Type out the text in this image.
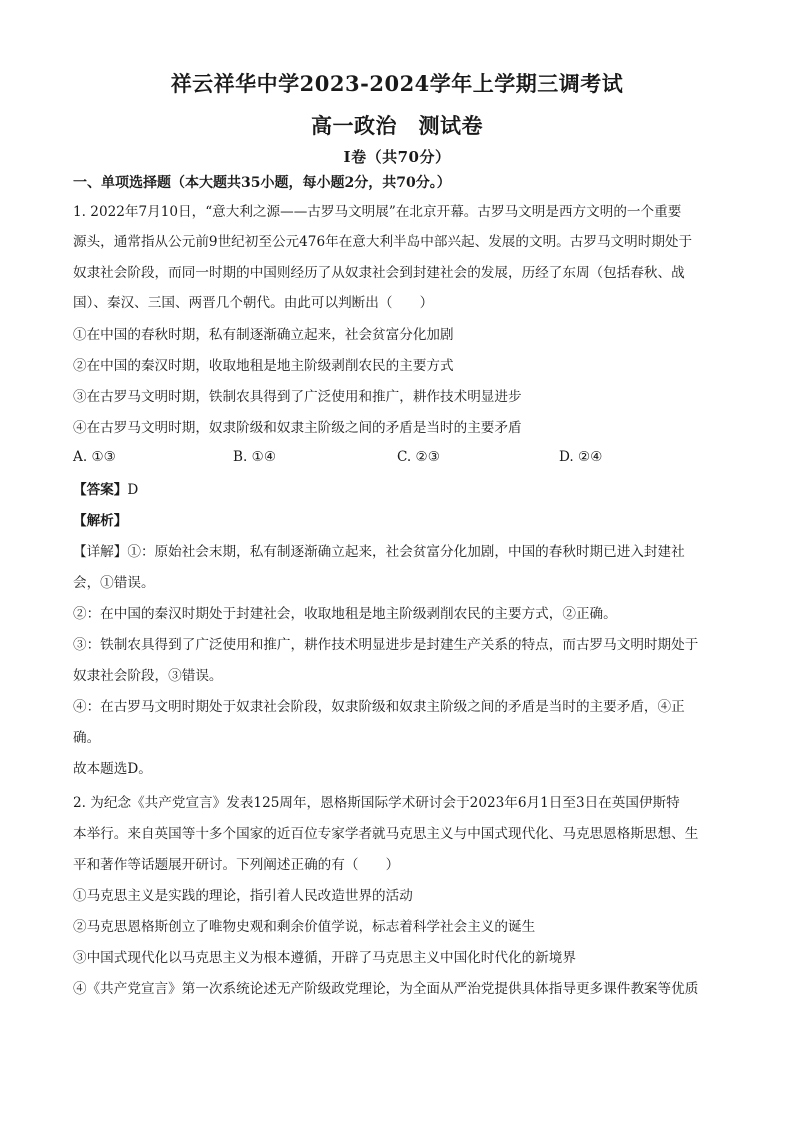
祥云祥华中学2023-2024学年上学期三调考试
高一政治　测试卷
Ⅰ卷（共70分）
一、单项选择题（本大题共35小题，每小题2分，共70分。）
1. 2022年7月10日，“意大利之源——古罗马文明展”在北京开幕。古罗马文明是西方文明的一个重要
源头，通常指从公元前9世纪初至公元476年在意大利半岛中部兴起、发展的文明。古罗马文明时期处于
奴隶社会阶段，而同一时期的中国则经历了从奴隶社会到封建社会的发展，历经了东周（包括春秋、战
国）、秦汉、三国、两晋几个朝代。由此可以判断出（　　）
①在中国的春秋时期，私有制逐渐确立起来，社会贫富分化加剧
②在中国的秦汉时期，收取地租是地主阶级剥削农民的主要方式
③在古罗马文明时期，铁制农具得到了广泛使用和推广，耕作技术明显进步
④在古罗马文明时期，奴隶阶级和奴隶主阶级之间的矛盾是当时的主要矛盾
A. ①③	B. ①④	C. ②③	D. ②④
【答案】D
【解析】
【详解】①：原始社会末期，私有制逐渐确立起来，社会贫富分化加剧，中国的春秋时期已进入封建社
会，①错误。
②：在中国的秦汉时期处于封建社会，收取地租是地主阶级剥削农民的主要方式，②正确。
③：铁制农具得到了广泛使用和推广，耕作技术明显进步是封建生产关系的特点，而古罗马文明时期处于
奴隶社会阶段，③错误。
④：在古罗马文明时期处于奴隶社会阶段，奴隶阶级和奴隶主阶级之间的矛盾是当时的主要矛盾，④正
确。
故本题选D。
2. 为纪念《共产党宣言》发表125周年，恩格斯国际学术研讨会于2023年6月1日至3日在英国伊斯特
本举行。来自英国等十多个国家的近百位专家学者就马克思主义与中国式现代化、马克思恩格斯思想、生
平和著作等话题展开研讨。下列阐述正确的有（　　）
①马克思主义是实践的理论，指引着人民改造世界的活动
②马克思恩格斯创立了唯物史观和剩余价值学说，标志着科学社会主义的诞生
③中国式现代化以马克思主义为根本遵循，开辟了马克思主义中国化时代化的新境界
④《共产党宣言》第一次系统论述无产阶级政党理论，为全面从严治党提供具体指导更多课件教案等优质
